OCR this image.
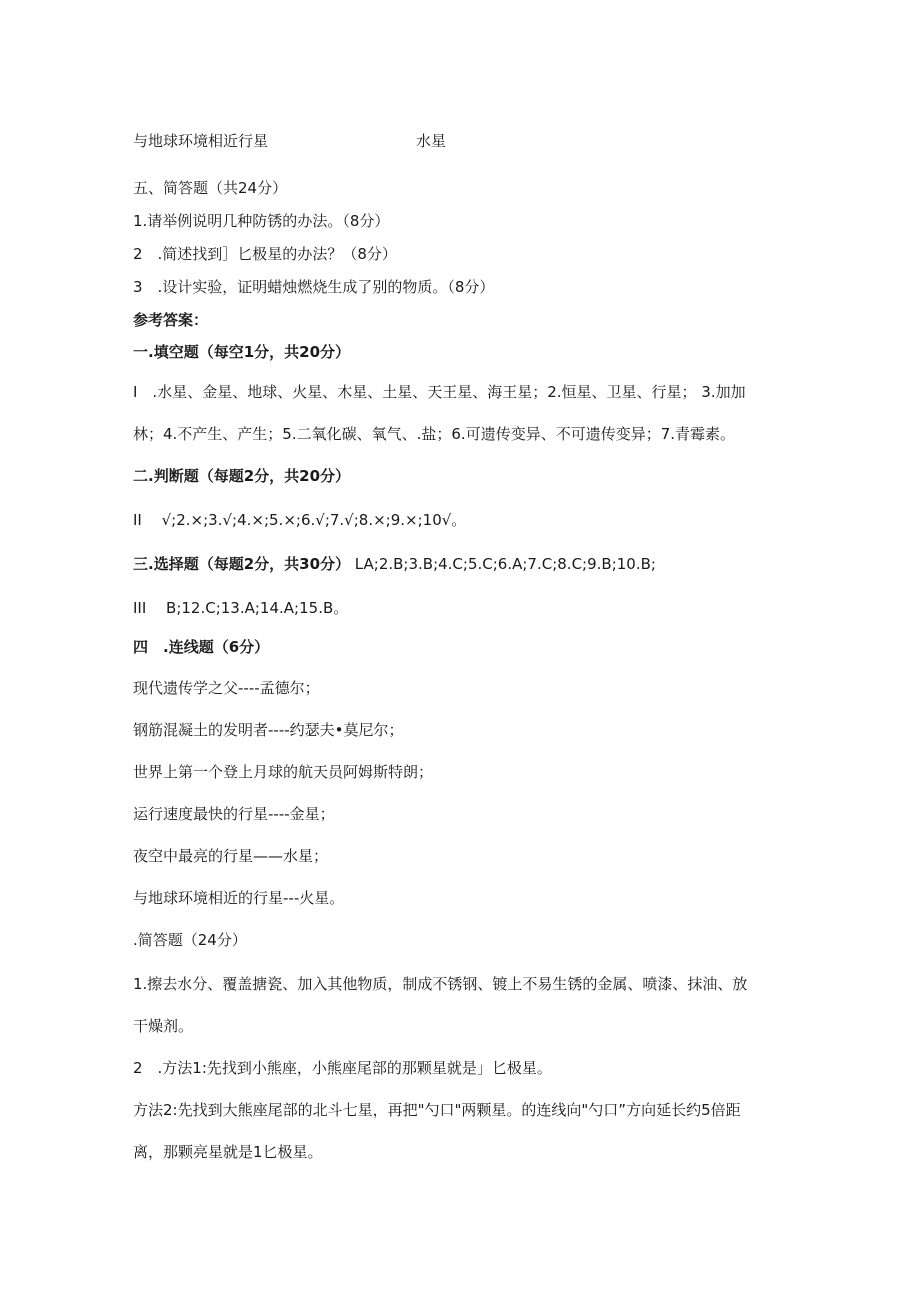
与地球环境相近行星	水星
五、简答题（共24分）
1.请举例说明几种防锈的办法。（8分）
2　.简述找到］匕极星的办法？（8分）
3　.设计实验，证明蜡烛燃烧生成了别的物质。（8分）
参考答案：
一.填空题（每空1分，共20分）
I　.水星、金星、地球、火星、木星、土星、天王星、海王星；2.恒星、卫星、行星； 3.加加
林；4.不产生、产生；5.二氧化碳、氧气、.盐；6.可遗传变异、不可遗传变异；7.青霉素。
二.判断题（每题2分，共20分）
II　 √;2.×;3.√;4.×;5.×;6.√;7.√;8.×;9.×;10√。
三.选择题（每题2分，共30分） LA;2.B;3.B;4.C;5.C;6.A;7.C;8.C;9.B;10.B;
III　 B;12.C;13.A;14.A;15.B。
四　.连线题（6分）
现代遗传学之父----孟德尔；
钢筋混凝土的发明者----约瑟夫•莫尼尔；
世界上第一个登上月球的航天员阿姆斯特朗；
运行速度最快的行星----金星；
夜空中最亮的行星——水星；
与地球环境相近的行星---火星。
.简答题（24分）
1.擦去水分、覆盖搪瓷、加入其他物质，制成不锈钢、镀上不易生锈的金属、喷漆、抹油、放
干燥剂。
2　.方法1:先找到小熊座，小熊座尾部的那颗星就是」匕极星。
方法2:先找到大熊座尾部的北斗七星，再把"勺口"两颗星。的连线向"勺口”方向延长约5倍距
离，那颗亮星就是1匕极星。
